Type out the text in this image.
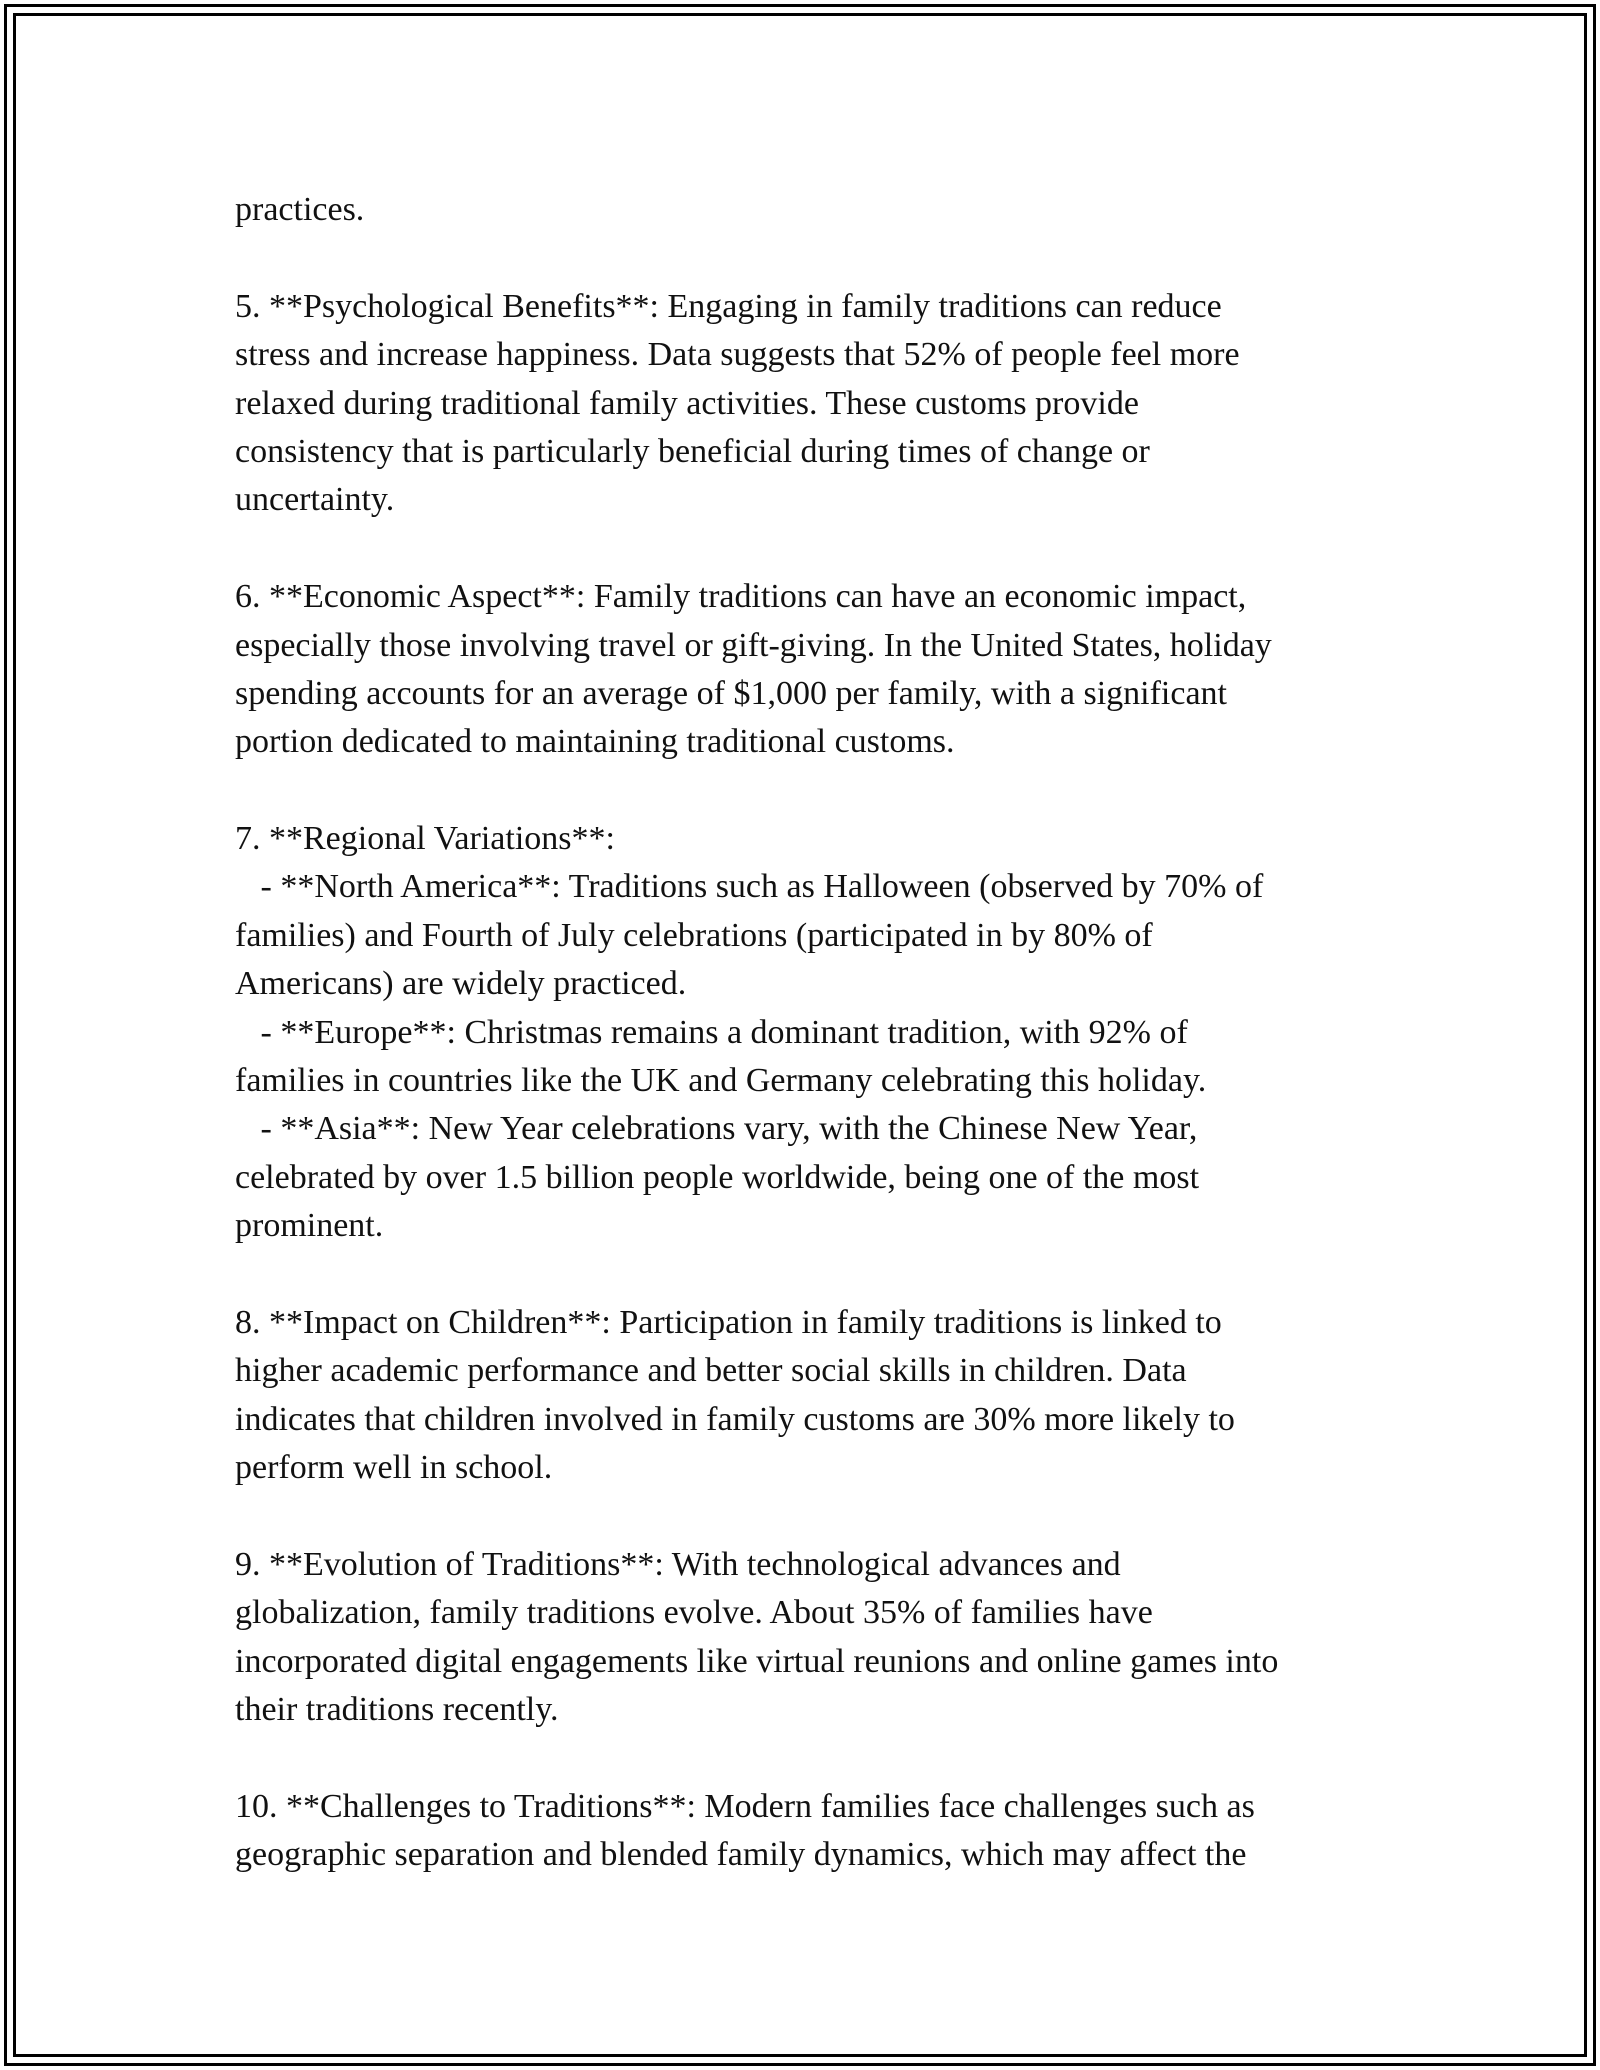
practices.
5. **Psychological Benefits**: Engaging in family traditions can reduce
stress and increase happiness. Data suggests that 52% of people feel more
relaxed during traditional family activities. These customs provide
consistency that is particularly beneficial during times of change or
uncertainty.
6. **Economic Aspect**: Family traditions can have an economic impact,
especially those involving travel or gift-giving. In the United States, holiday
spending accounts for an average of $1,000 per family, with a significant
portion dedicated to maintaining traditional customs.
7. **Regional Variations**:
- **North America**: Traditions such as Halloween (observed by 70% of
families) and Fourth of July celebrations (participated in by 80% of
Americans) are widely practiced.
- **Europe**: Christmas remains a dominant tradition, with 92% of
families in countries like the UK and Germany celebrating this holiday.
- **Asia**: New Year celebrations vary, with the Chinese New Year,
celebrated by over 1.5 billion people worldwide, being one of the most
prominent.
8. **Impact on Children**: Participation in family traditions is linked to
higher academic performance and better social skills in children. Data
indicates that children involved in family customs are 30% more likely to
perform well in school.
9. **Evolution of Traditions**: With technological advances and
globalization, family traditions evolve. About 35% of families have
incorporated digital engagements like virtual reunions and online games into
their traditions recently.
10. **Challenges to Traditions**: Modern families face challenges such as
geographic separation and blended family dynamics, which may affect the
